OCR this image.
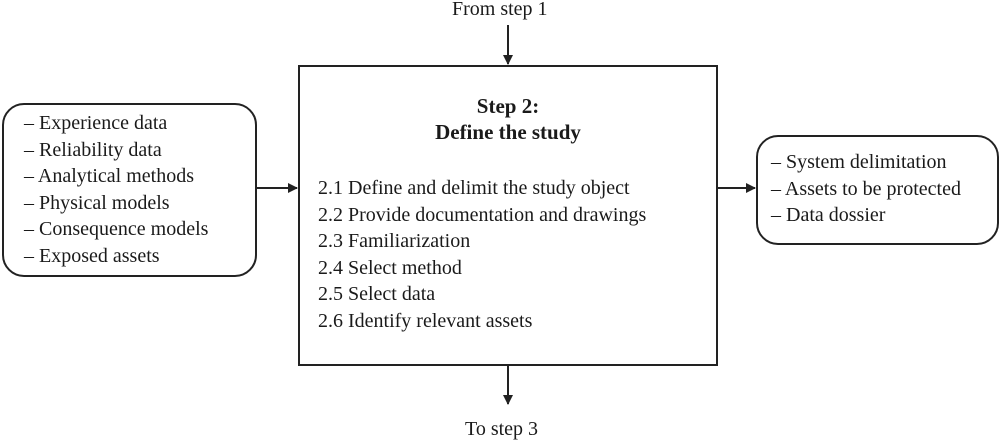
From step 1
Step 2:
Define the study
2.1 Define and delimit the study object
2.2 Provide documentation and drawings
2.3 Familiarization
2.4 Select method
2.5 Select data
2.6 Identify relevant assets
– Experience data
– Reliability data
– Analytical methods
– Physical models
– Consequence models
– Exposed assets
– System delimitation
– Assets to be protected
– Data dossier
To step 3
